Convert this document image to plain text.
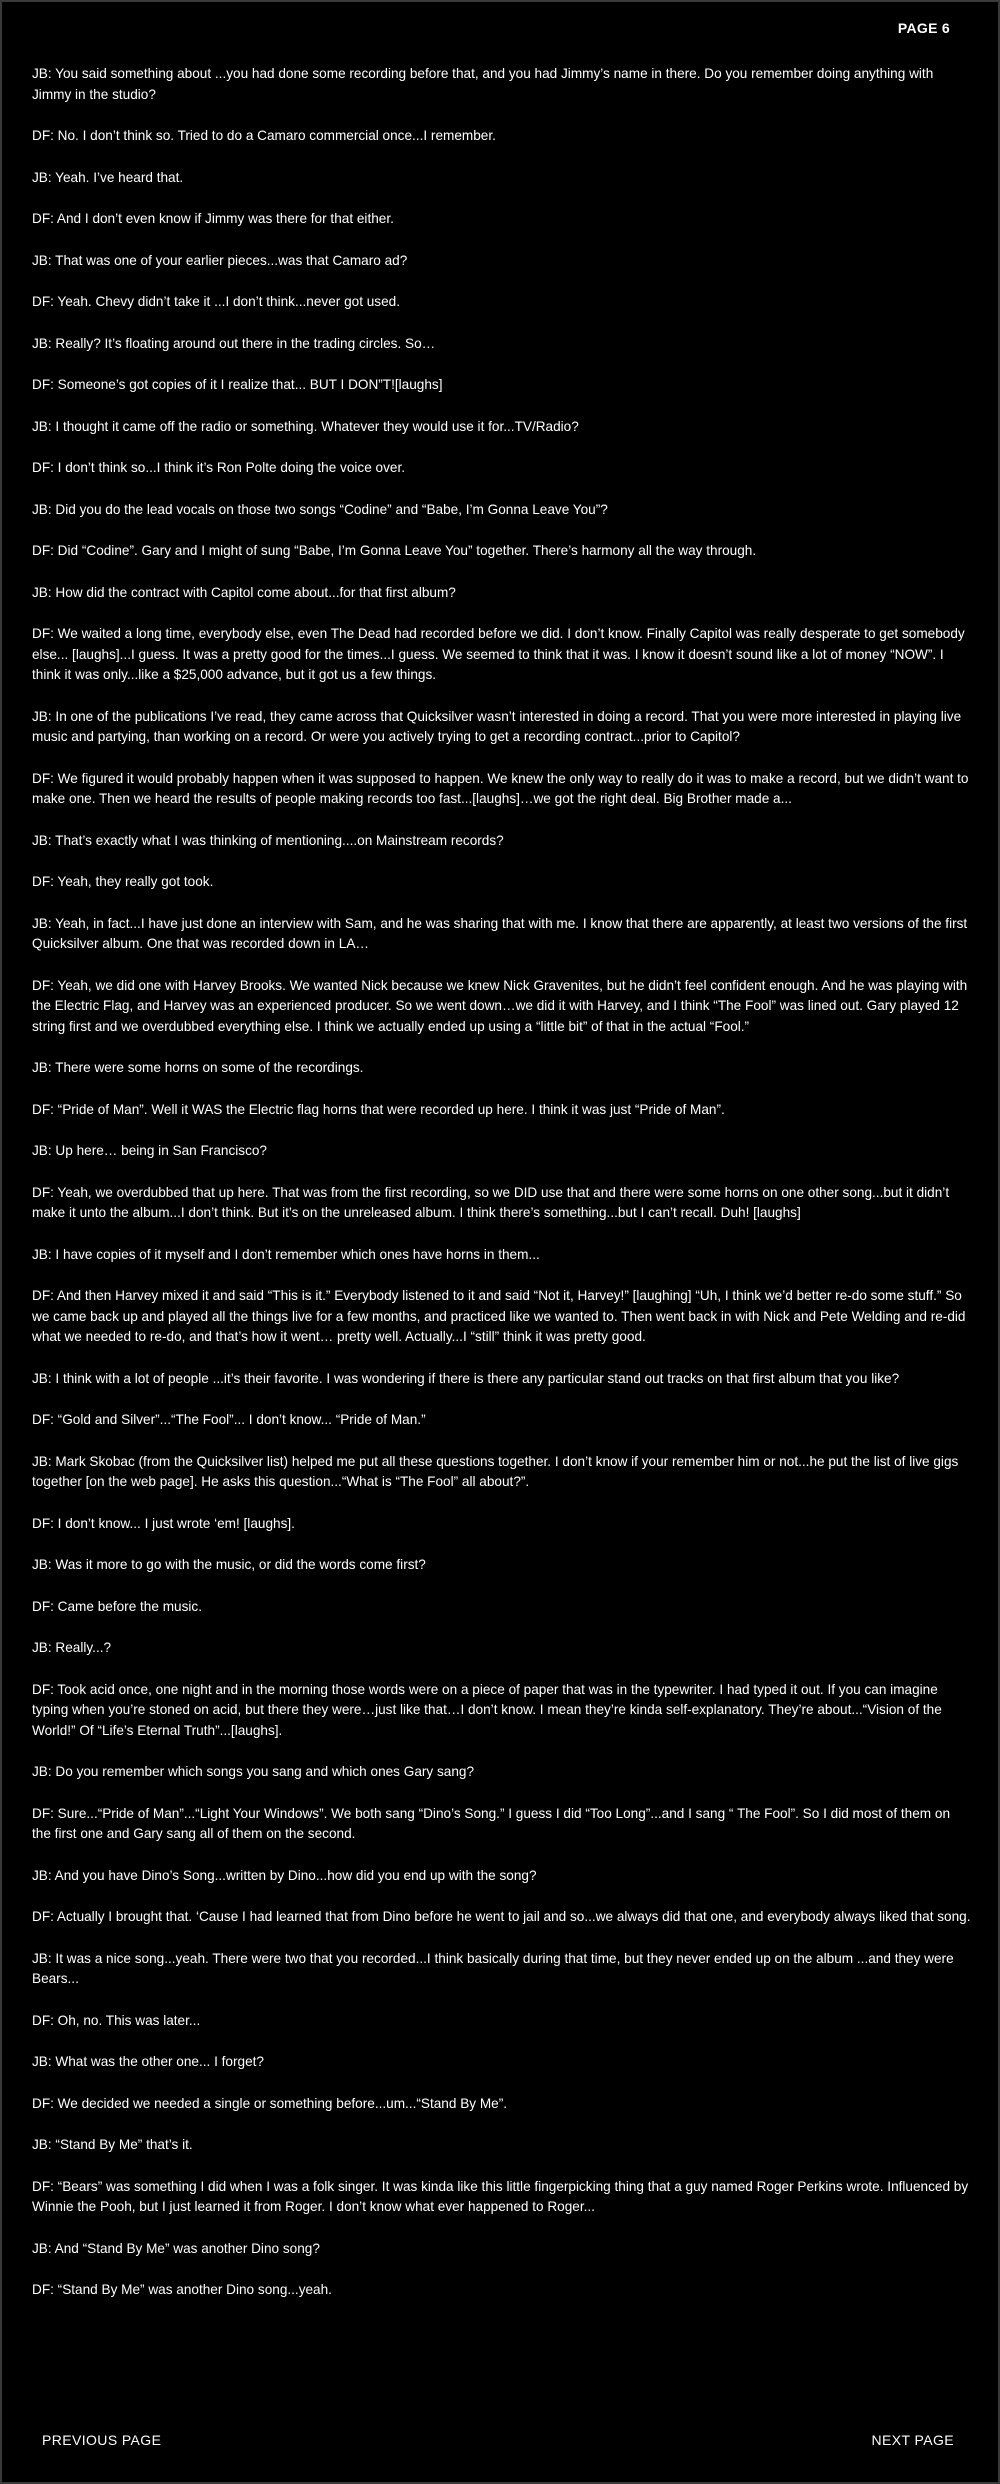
PAGE 6

JB: You said something about ...you had done some recording before that, and you had Jimmy’s name in there. Do you remember doing anything with Jimmy in the studio?

DF: No. I don’t think so. Tried to do a Camaro commercial once...I remember.

JB: Yeah. I’ve heard that.

DF: And I don’t even know if Jimmy was there for that either.

JB: That was one of your earlier pieces...was that Camaro ad?

DF: Yeah. Chevy didn’t take it ...I don’t think...never got used.

JB: Really? It’s floating around out there in the trading circles. So…

DF: Someone’s got copies of it I realize that... BUT I DON”T![laughs]

JB: I thought it came off the radio or something. Whatever they would use it for...TV/Radio?

DF: I don’t think so...I think it’s Ron Polte doing the voice over.

JB: Did you do the lead vocals on those two songs “Codine” and “Babe, I’m Gonna Leave You”?

DF: Did “Codine”. Gary and I might of sung “Babe, I’m Gonna Leave You” together. There’s harmony all the way through.

JB: How did the contract with Capitol come about...for that first album?

DF: We waited a long time, everybody else, even The Dead had recorded before we did. I don’t know. Finally Capitol was really desperate to get somebody else... [laughs]...I guess. It was a pretty good for the times...I guess. We seemed to think that it was. I know it doesn’t sound like a lot of money “NOW”. I think it was only...like a $25,000 advance, but it got us a few things.

JB: In one of the publications I’ve read, they came across that Quicksilver wasn’t interested in doing a record. That you were more interested in playing live music and partying, than working on a record. Or were you actively trying to get a recording contract...prior to Capitol?

DF: We figured it would probably happen when it was supposed to happen. We knew the only way to really do it was to make a record, but we didn’t want to make one. Then we heard the results of people making records too fast...[laughs]…we got the right deal. Big Brother made a...

JB: That’s exactly what I was thinking of mentioning....on Mainstream records?

DF: Yeah, they really got took.

JB: Yeah, in fact...I have just done an interview with Sam, and he was sharing that with me. I know that there are apparently, at least two versions of the first Quicksilver album. One that was recorded down in LA…

DF: Yeah, we did one with Harvey Brooks. We wanted Nick because we knew Nick Gravenites, but he didn’t feel confident enough. And he was playing with the Electric Flag, and Harvey was an experienced producer. So we went down…we did it with Harvey, and I think “The Fool” was lined out. Gary played 12 string first and we overdubbed everything else. I think we actually ended up using a “little bit” of that in the actual “Fool.”

JB: There were some horns on some of the recordings.

DF: “Pride of Man”. Well it WAS the Electric flag horns that were recorded up here. I think it was just “Pride of Man”.

JB: Up here… being in San Francisco?

DF: Yeah, we overdubbed that up here. That was from the first recording, so we DID use that and there were some horns on one other song...but it didn’t make it unto the album...I don’t think. But it’s on the unreleased album. I think there’s something...but I can’t recall. Duh! [laughs]

JB: I have copies of it myself and I don’t remember which ones have horns in them...

DF: And then Harvey mixed it and said “This is it.” Everybody listened to it and said “Not it, Harvey!” [laughing] “Uh, I think we’d better re-do some stuff.” So we came back up and played all the things live for a few months, and practiced like we wanted to. Then went back in with Nick and Pete Welding and re-did what we needed to re-do, and that’s how it went… pretty well. Actually...I “still” think it was pretty good.

JB: I think with a lot of people ...it’s their favorite. I was wondering if there is there any particular stand out tracks on that first album that you like?

DF: “Gold and Silver”...“The Fool”... I don’t know... “Pride of Man.”

JB: Mark Skobac (from the Quicksilver list) helped me put all these questions together. I don’t know if your remember him or not...he put the list of live gigs together [on the web page]. He asks this question...“What is “The Fool” all about?”.

DF: I don’t know... I just wrote ‘em! [laughs].

JB: Was it more to go with the music, or did the words come first?

DF: Came before the music.

JB: Really...?

DF: Took acid once, one night and in the morning those words were on a piece of paper that was in the typewriter. I had typed it out. If you can imagine typing when you’re stoned on acid, but there they were…just like that…I don’t know. I mean they’re kinda self-explanatory. They’re about...“Vision of the World!” Of “Life’s Eternal Truth”...[laughs].

JB: Do you remember which songs you sang and which ones Gary sang?

DF: Sure...“Pride of Man”...“Light Your Windows”. We both sang “Dino’s Song.” I guess I did “Too Long”...and I sang “ The Fool”. So I did most of them on the first one and Gary sang all of them on the second.

JB: And you have Dino’s Song...written by Dino...how did you end up with the song?

DF: Actually I brought that. ‘Cause I had learned that from Dino before he went to jail and so...we always did that one, and everybody always liked that song.

JB: It was a nice song...yeah. There were two that you recorded...I think basically during that time, but they never ended up on the album ...and they were Bears...

DF: Oh, no. This was later...

JB: What was the other one... I forget?

DF: We decided we needed a single or something before...um...“Stand By Me”.

JB: “Stand By Me” that’s it.

DF: “Bears” was something I did when I was a folk singer. It was kinda like this little fingerpicking thing that a guy named Roger Perkins wrote. Influenced by Winnie the Pooh, but I just learned it from Roger. I don’t know what ever happened to Roger...

JB: And “Stand By Me” was another Dino song?

DF: “Stand By Me” was another Dino song...yeah.

PREVIOUS PAGE	NEXT PAGE
